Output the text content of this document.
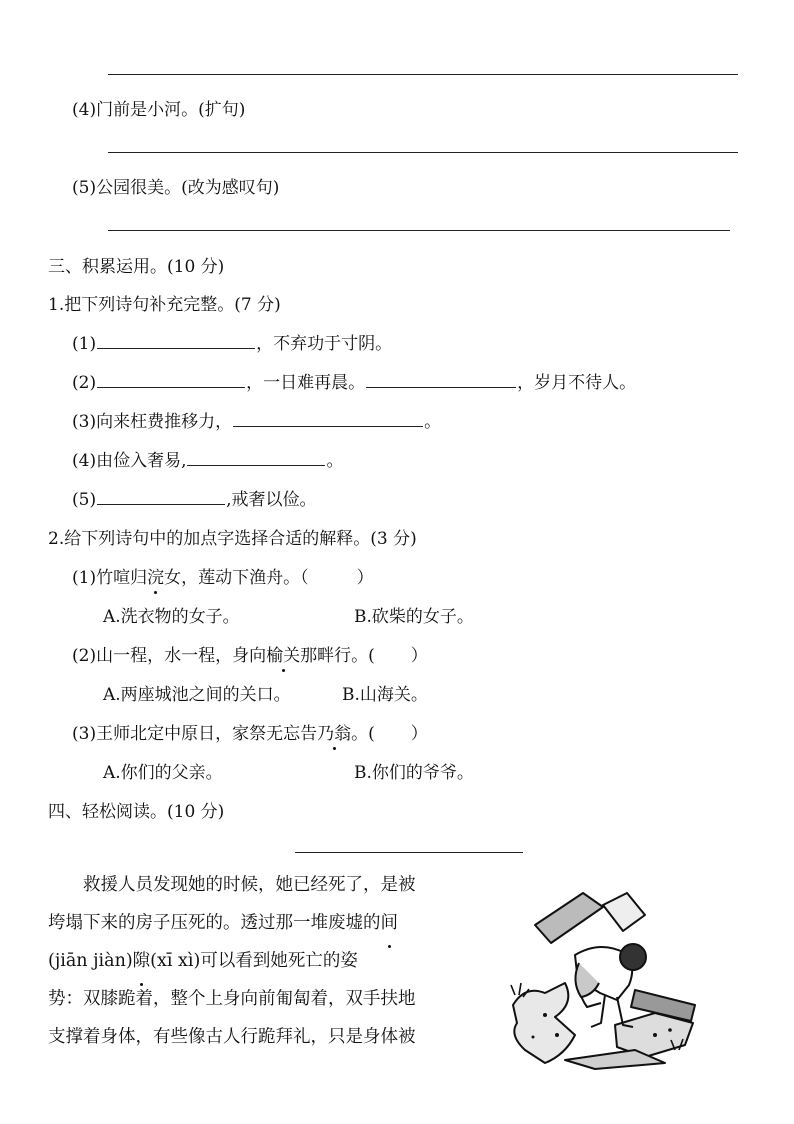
(4)门前是小河。(扩句)
(5)公园很美。(改为感叹句)
三、积累运用。(10 分)
1.把下列诗句补充完整。(7 分)
(1)	，不弃功于寸阴。
(2)	，一日难再晨。	，岁月不待人。
(3)向来枉费推移力，	。
(4)由俭入奢易,	。
(5)	,戒奢以俭。
2.给下列诗句中的加点字选择合适的解释。(3 分)
(1)竹喧归浣女，莲动下渔舟。（	）
A.洗衣物的女子。	B.砍柴的女子。
(2)山一程，水一程，身向榆关那畔行。( ）
A.两座城池之间的关口。	B.山海关。
(3)王师北定中原日，家祭无忘告乃翁。( ）
A.你们的父亲。	B.你们的爷爷。
四、轻松阅读。(10 分)

救援人员发现她的时候，她已经死了，是被

垮塌下来的房子压死的。透过那一堆废墟的间

(jiān jiàn)隙(xī xì)可以看到她死亡的姿

势：双膝跪着，整个上身向前匍匐着，双手扶地

支撑着身体，有些像古人行跪拜礼，只是身体被
